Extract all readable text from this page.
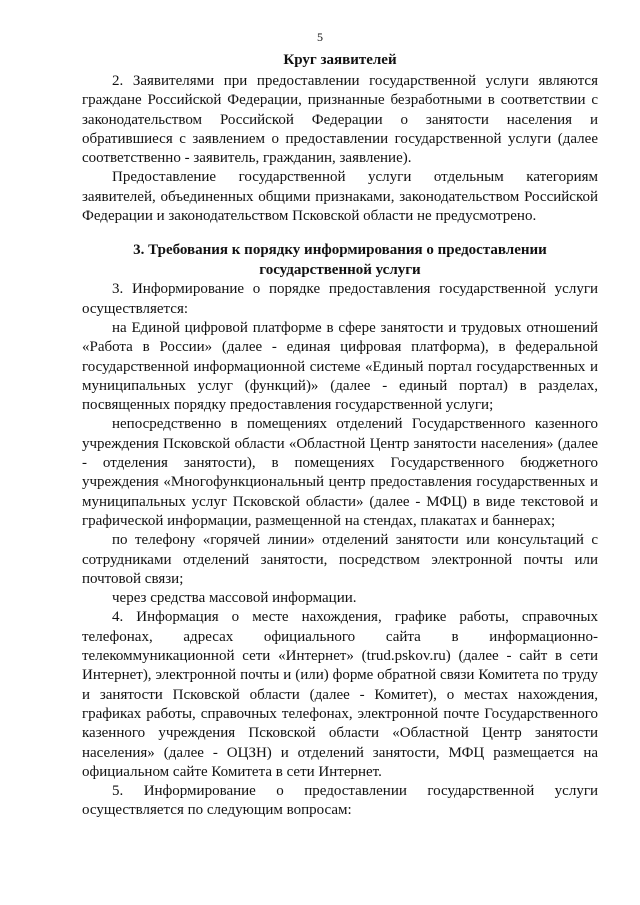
5
Круг заявителей

2. Заявителями при предоставлении государственной услуги являются граждане Российской Федерации, признанные безработными в соответствии с законодательством Российской Федерации о занятости населения и обратившиеся с заявлением о предоставлении государственной услуги (далее соответственно - заявитель, гражданин, заявление).

Предоставление государственной услуги отдельным категориям заявителей, объединенных общими признаками, законодательством Российской Федерации и законодательством Псковской области не предусмотрено.

3. Требования к порядку информирования о предоставлении
государственной услуги

3. Информирование о порядке предоставления государственной услуги осуществляется:

на Единой цифровой платформе в сфере занятости и трудовых отношений «Работа в России» (далее - единая цифровая платформа), в федеральной государственной информационной системе «Единый портал государственных и муниципальных услуг (функций)» (далее - единый портал) в разделах, посвященных порядку предоставления государственной услуги;

непосредственно в помещениях отделений Государственного казенного учреждения Псковской области «Областной Центр занятости населения» (далее - отделения занятости), в помещениях Государственного бюджетного учреждения «Многофункциональный центр предоставления государственных и муниципальных услуг Псковской области» (далее - МФЦ) в виде текстовой и графической информации, размещенной на стендах, плакатах и баннерах;

по телефону «горячей линии» отделений занятости или консультаций с сотрудниками отделений занятости, посредством электронной почты или почтовой связи;

через средства массовой информации.

4. Информация о месте нахождения, графике работы, справочных телефонах, адресах официального сайта в информационно-телекоммуникационной сети «Интернет» (trud.pskov.ru) (далее - сайт в сети Интернет), электронной почты и (или) форме обратной связи Комитета по труду и занятости Псковской области (далее - Комитет), о местах нахождения, графиках работы, справочных телефонах, электронной почте Государственного казенного учреждения Псковской области «Областной Центр занятости населения» (далее - ОЦЗН) и отделений занятости, МФЦ размещается на официальном сайте Комитета в сети Интернет.

5. Информирование о предоставлении государственной услуги осуществляется по следующим вопросам:
